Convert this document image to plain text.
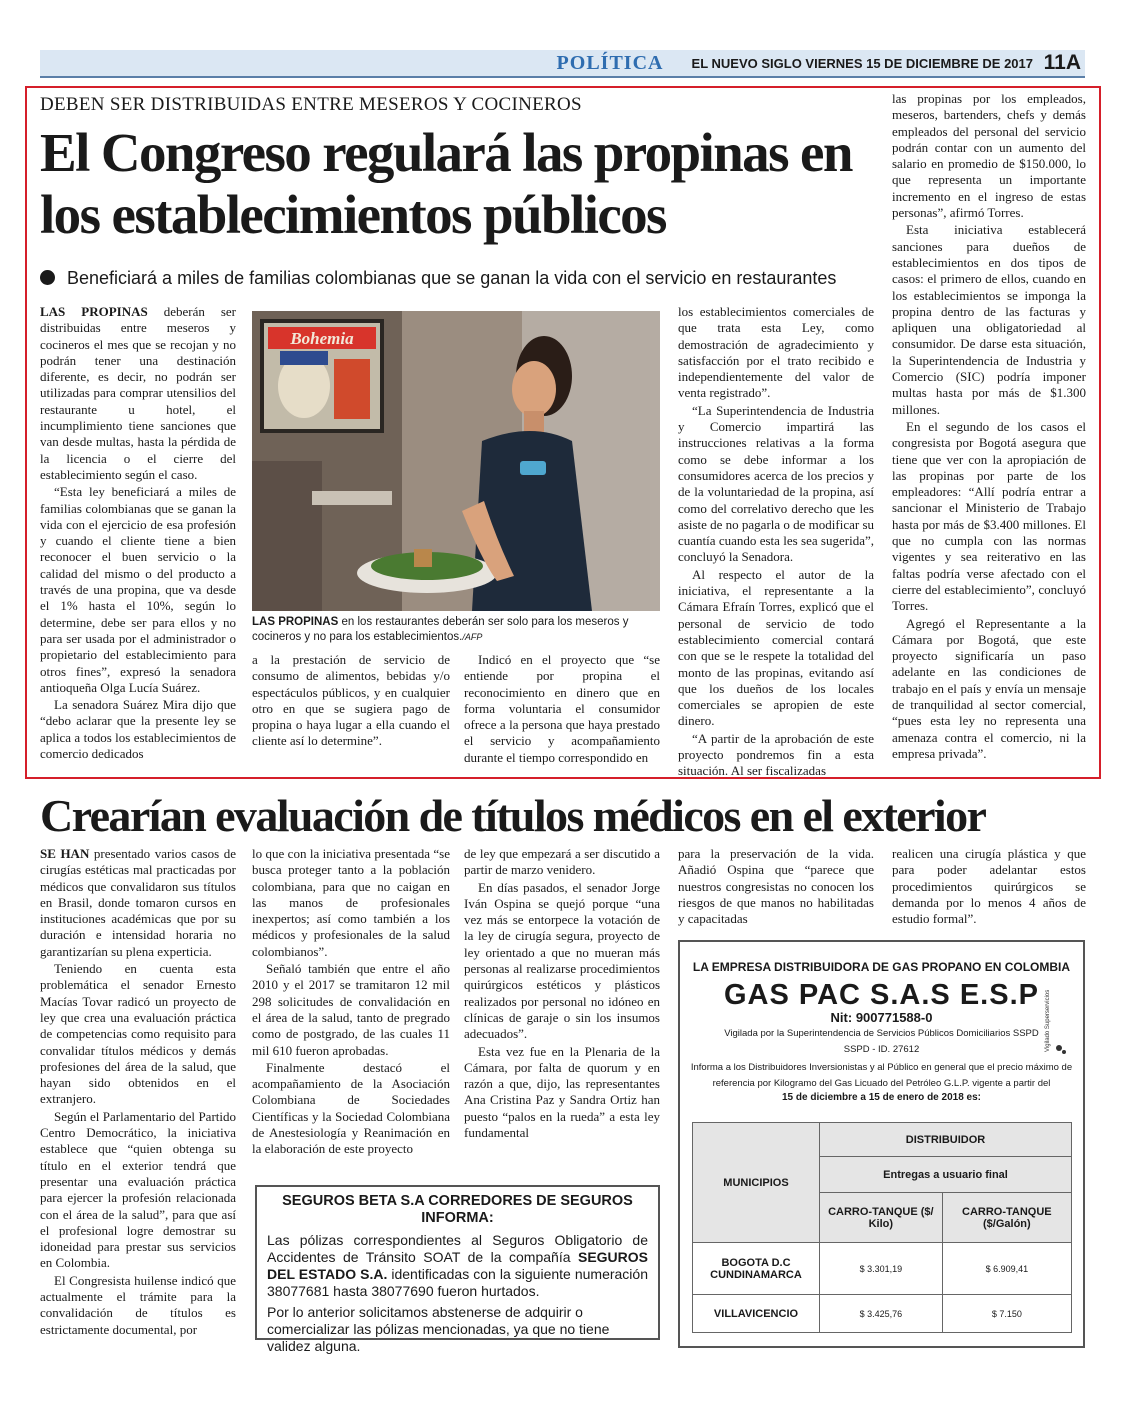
POLÍTICA	EL NUEVO SIGLO VIERNES 15 DE DICIEMBRE DE 2017 11A
DEBEN SER DISTRIBUIDAS ENTRE MESEROS Y COCINEROS
El Congreso regulará las propinas en los establecimientos públicos
Beneficiará a miles de familias colombianas que se ganan la vida con el servicio en restaurantes

LAS PROPINAS deberán ser distribuidas entre meseros y cocineros el mes que se recojan y no podrán tener una destinación diferente, es decir, no podrán ser utilizadas para comprar utensilios del restaurante u hotel, el incumplimiento tiene sanciones que van desde multas, hasta la pérdida de la licencia o el cierre del establecimiento según el caso.

“Esta ley beneficiará a miles de familias colombianas que se ganan la vida con el ejercicio de esa profesión y cuando el cliente tiene a bien reconocer el buen servicio o la calidad del mismo o del producto a través de una propina, que va desde el 1% hasta el 10%, según lo determine, debe ser para ellos y no para ser usada por el administrador o propietario del establecimiento para otros fines”, expresó la senadora antioqueña Olga Lucía Suárez.

La senadora Suárez Mira dijo que “debo aclarar que la presente ley se aplica a todos los establecimientos de comercio dedicados

Bohemia
LAS PROPINAS en los restaurantes deberán ser solo para los meseros y cocineros y no para los establecimientos./AFP

a la prestación de servicio de consumo de alimentos, bebidas y/o espectáculos públicos, y en cualquier otro en que se sugiera pago de propina o haya lugar a ella cuando el cliente así lo determine”.

Indicó en el proyecto que “se entiende por propina el reconocimiento en dinero que en forma voluntaria el consumidor ofrece a la persona que haya prestado el servicio y acompañamiento durante el tiempo correspondido en

los establecimientos comerciales de que trata esta Ley, como demostración de agradecimiento y satisfacción por el trato recibido e independientemente del valor de venta registrado”.

“La Superintendencia de Industria y Comercio impartirá las instrucciones relativas a la forma como se debe informar a los consumidores acerca de los precios y de la voluntariedad de la propina, así como del correlativo derecho que les asiste de no pagarla o de modificar su cuantía cuando esta les sea sugerida”, concluyó la Senadora.

Al respecto el autor de la iniciativa, el representante a la Cámara Efraín Torres, explicó que el personal de servicio de todo establecimiento comercial contará con que se le respete la totalidad del monto de las propinas, evitando así que los dueños de los locales comerciales se apropien de este dinero.

“A partir de la aprobación de este proyecto pondremos fin a esta situación. Al ser fiscalizadas

las propinas por los empleados, meseros, bartenders, chefs y demás empleados del personal del servicio podrán contar con un aumento del salario en promedio de $150.000, lo que representa un importante incremento en el ingreso de estas personas”, afirmó Torres.

Esta iniciativa establecerá sanciones para dueños de establecimientos en dos tipos de casos: el primero de ellos, cuando en los establecimientos se imponga la propina dentro de las facturas y apliquen una obligatoriedad al consumidor. De darse esta situación, la Superintendencia de Industria y Comercio (SIC) podría imponer multas hasta por más de $1.300 millones.

En el segundo de los casos el congresista por Bogotá asegura que tiene que ver con la apropiación de las propinas por parte de los empleadores: “Allí podría entrar a sancionar el Ministerio de Trabajo hasta por más de $3.400 millones. El que no cumpla con las normas vigentes y sea reiterativo en las faltas podría verse afectado con el cierre del establecimiento”, concluyó Torres.

Agregó el Representante a la Cámara por Bogotá, que este proyecto significaría un paso adelante en las condiciones de trabajo en el país y envía un mensaje de tranquilidad al sector comercial, “pues esta ley no representa una amenaza contra el comercio, ni la empresa privada”.

Crearían evaluación de títulos médicos en el exterior

SE HAN presentado varios casos de cirugías estéticas mal practicadas por médicos que convalidaron sus títulos en Brasil, donde tomaron cursos en instituciones académicas que por su duración e intensidad horaria no garantizarían su plena experticia.

Teniendo en cuenta esta problemática el senador Ernesto Macías Tovar radicó un proyecto de ley que crea una evaluación práctica de competencias como requisito para convalidar títulos médicos y demás profesiones del área de la salud, que hayan sido obtenidos en el extranjero.

Según el Parlamentario del Partido Centro Democrático, la iniciativa establece que “quien obtenga su título en el exterior tendrá que presentar una evaluación práctica para ejercer la profesión relacionada con el área de la salud”, para que así el profesional logre demostrar su idoneidad para prestar sus servicios en Colombia.

El Congresista huilense indicó que actualmente el trámite para la convalidación de títulos es estrictamente documental, por

lo que con la iniciativa presentada “se busca proteger tanto a la población colombiana, para que no caigan en las manos de profesionales inexpertos; así como también a los médicos y profesionales de la salud colombianos”.

Señaló también que entre el año 2010 y el 2017 se tramitaron 12 mil 298 solicitudes de convalidación en el área de la salud, tanto de pregrado como de postgrado, de las cuales 11 mil 610 fueron aprobadas.

Finalmente destacó el acompañamiento de la Asociación Colombiana de Sociedades Científicas y la Sociedad Colombiana de Anestesiología y Reanimación en la elaboración de este proyecto

de ley que empezará a ser discutido a partir de marzo venidero.

En días pasados, el senador Jorge Iván Ospina se quejó porque “una vez más se entorpece la votación de la ley de cirugía segura, proyecto de ley orientado a que no mueran más personas al realizarse procedimientos quirúrgicos estéticos y plásticos realizados por personal no idóneo en clínicas de garaje o sin los insumos adecuados”.

Esta vez fue en la Plenaria de la Cámara, por falta de quorum y en razón a que, dijo, las representantes Ana Cristina Paz y Sandra Ortiz han puesto “palos en la rueda” a esta ley fundamental

para la preservación de la vida. Añadió Ospina que “parece que nuestros congresistas no conocen los riesgos de que manos no habilitadas y capacitadas

realicen una cirugía plástica y que para poder adelantar estos procedimientos quirúrgicos se demanda por lo menos 4 años de estudio formal”.

SEGUROS BETA S.A CORREDORES DE SEGUROS INFORMA:
Las pólizas correspondientes al Seguros Obligatorio de Accidentes de Tránsito SOAT de la compañía SEGUROS DEL ESTADO S.A. identificadas con la siguiente numeración 38077681 hasta 38077690 fueron hurtados.
Por lo anterior solicitamos abstenerse de adquirir o comercializar las pólizas mencionadas, ya que no tiene validez alguna.
LA EMPRESA DISTRIBUIDORA DE GAS PROPANO EN COLOMBIA
GAS PAC S.A.S E.S.P
Nit: 900771588-0
Vigilada por la Superintendencia de Servicios Públicos Domiciliarios SSPD
SSPD - ID. 27612
Informa a los Distribuidores Inversionistas y al Público en general que el precio máximo de referencia por Kilogramo del Gas Licuado del Petróleo G.L.P. vigente a partir del
15 de diciembre a 15 de enero de 2018 es:
Vigilado Superservicios
MUNICIPIOS	DISTRIBUIDOR	
	Entregas a usuario final	
	CARRO-TANQUE ($/ Kilo)	CARRO-TANQUE ($/Galón)
BOGOTA D.C CUNDINAMARCA	$ 3.301,19	$ 6.909,41
VILLAVICENCIO	$ 3.425,76	$ 7.150
